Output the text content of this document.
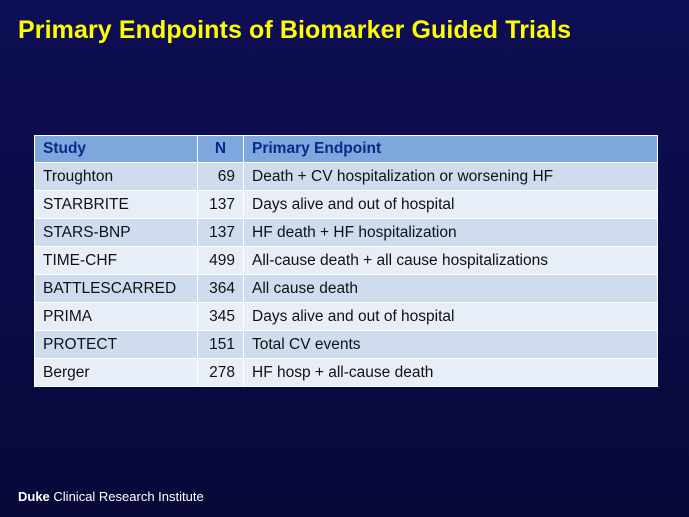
Primary Endpoints of Biomarker Guided Trials
Study	N	Primary Endpoint
Troughton	69	Death + CV hospitalization or worsening HF
STARBRITE	137	Days alive and out of hospital
STARS-BNP	137	HF death + HF hospitalization
TIME-CHF	499	All-cause death + all cause hospitalizations
BATTLESCARRED	364	All cause death
PRIMA	345	Days alive and out of hospital
PROTECT	151	Total CV events
Berger	278	HF hosp + all-cause death
Duke Clinical Research Institute
